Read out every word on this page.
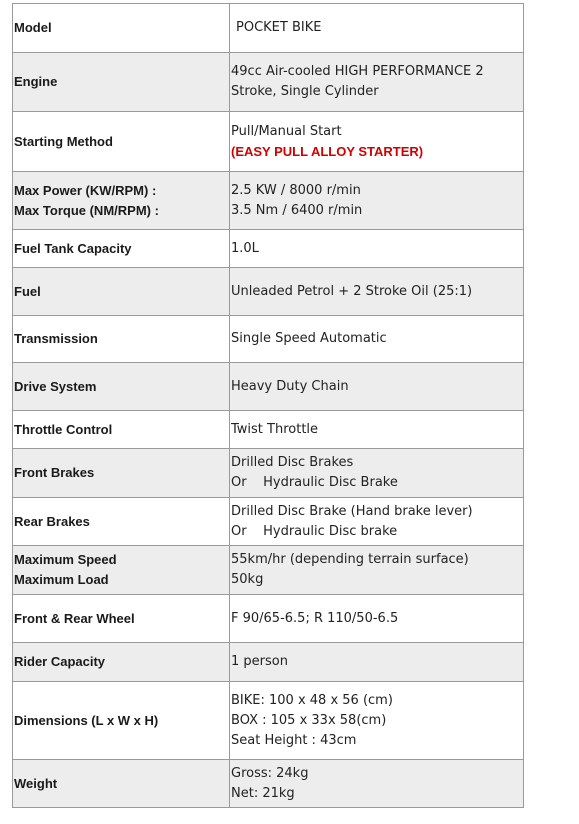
Model	POCKET BIKE

Engine	49cc Air-cooled HIGH PERFORMANCE 2
Stroke, Single Cylinder

Starting Method	Pull/Manual Start
(EASY PULL ALLOY STARTER)

Max Power (KW/RPM) :
Max Torque (NM/RPM) :	2.5 KW / 8000 r/min
3.5 Nm / 6400 r/min

Fuel Tank Capacity	1.0L

Fuel	Unleaded Petrol + 2 Stroke Oil (25:1)

Transmission	Single Speed Automatic

Drive System	Heavy Duty Chain

Throttle Control	Twist Throttle

Front Brakes	Drilled Disc Brakes
Or    Hydraulic Disc Brake

Rear Brakes	Drilled Disc Brake (Hand brake lever)
Or    Hydraulic Disc brake

Maximum Speed
Maximum Load	55km/hr (depending terrain surface)
50kg

Front & Rear Wheel	F 90/65-6.5; R 110/50-6.5

Rider Capacity	1 person

Dimensions (L x W x H)	BIKE: 100 x 48 x 56 (cm)
BOX : 105 x 33x 58(cm)
Seat Height : 43cm

Weight	Gross: 24kg
Net: 21kg
